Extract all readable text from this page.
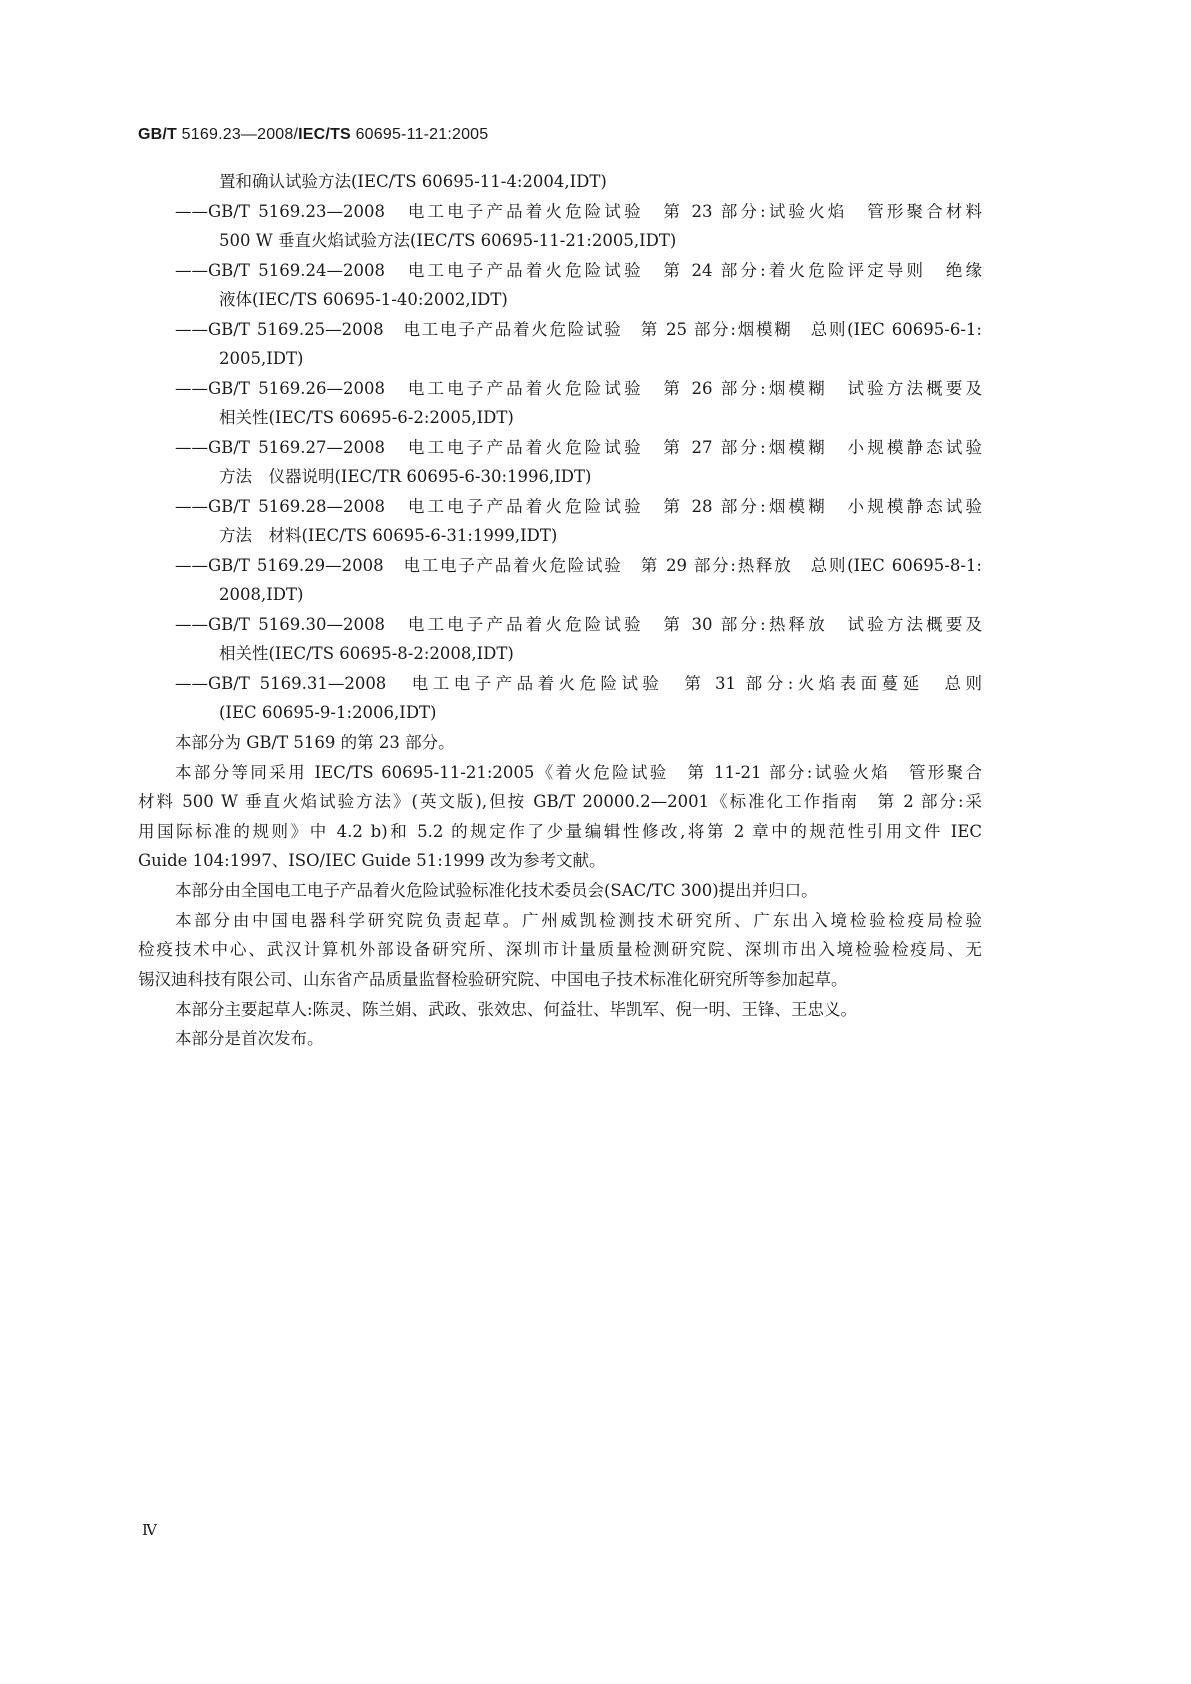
GB/T 5169.23—2008/IEC/TS 60695-11-21:2005
置和确认试验方法(IEC/TS 60695-11-4:2004,IDT)
——GB/T 5169.23—2008　电工电子产品着火危险试验　第 23 部分:试验火焰　管形聚合材料
500 W 垂直火焰试验方法(IEC/TS 60695-11-21:2005,IDT)
——GB/T 5169.24—2008　电工电子产品着火危险试验　第 24 部分:着火危险评定导则　绝缘
液体(IEC/TS 60695-1-40:2002,IDT)
——GB/T 5169.25—2008　电工电子产品着火危险试验　第 25 部分:烟模糊　总则(IEC 60695-6-1:
2005,IDT)
——GB/T 5169.26—2008　电工电子产品着火危险试验　第 26 部分:烟模糊　试验方法概要及
相关性(IEC/TS 60695-6-2:2005,IDT)
——GB/T 5169.27—2008　电工电子产品着火危险试验　第 27 部分:烟模糊　小规模静态试验
方法　仪器说明(IEC/TR 60695-6-30:1996,IDT)
——GB/T 5169.28—2008　电工电子产品着火危险试验　第 28 部分:烟模糊　小规模静态试验
方法　材料(IEC/TS 60695-6-31:1999,IDT)
——GB/T 5169.29—2008　电工电子产品着火危险试验　第 29 部分:热释放　总则(IEC 60695-8-1:
2008,IDT)
——GB/T 5169.30—2008　电工电子产品着火危险试验　第 30 部分:热释放　试验方法概要及
相关性(IEC/TS 60695-8-2:2008,IDT)
——GB/T 5169.31—2008　电工电子产品着火危险试验　第 31 部分:火焰表面蔓延　总则
(IEC 60695-9-1:2006,IDT)
本部分为 GB/T 5169 的第 23 部分。
本部分等同采用 IEC/TS 60695-11-21:2005《着火危险试验　第 11-21 部分:试验火焰　管形聚合
材料 500 W 垂直火焰试验方法》(英文版),但按 GB/T 20000.2—2001《标准化工作指南　第 2 部分:采
用国际标准的规则》中 4.2 b)和 5.2 的规定作了少量编辑性修改,将第 2 章中的规范性引用文件 IEC
Guide 104:1997、ISO/IEC Guide 51:1999 改为参考文献。
本部分由全国电工电子产品着火危险试验标准化技术委员会(SAC/TC 300)提出并归口。
本部分由中国电器科学研究院负责起草。广州威凯检测技术研究所、广东出入境检验检疫局检验
检疫技术中心、武汉计算机外部设备研究所、深圳市计量质量检测研究院、深圳市出入境检验检疫局、无
锡汉迪科技有限公司、山东省产品质量监督检验研究院、中国电子技术标准化研究所等参加起草。
本部分主要起草人:陈灵、陈兰娟、武政、张效忠、何益壮、毕凯军、倪一明、王锋、王忠义。
本部分是首次发布。
Ⅳ
